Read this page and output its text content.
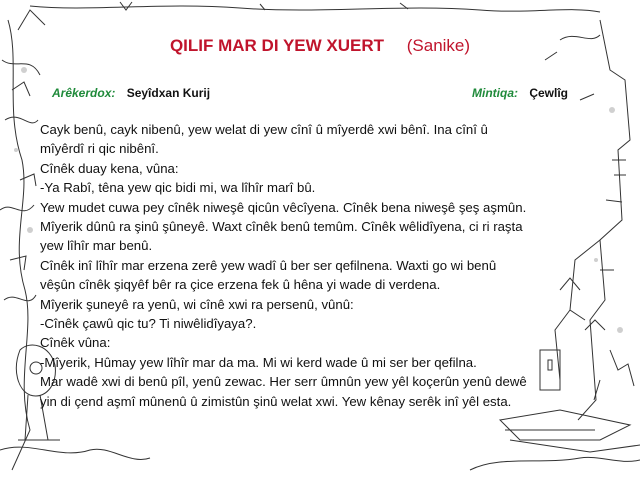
QILIF MAR DI YEW XUERT (Sanike)
Arêkerdox: Seyîdxan Kurij	Mintiqa: Çewlîg

Cayk benû, cayk nibenû, yew welat di yew cînî û mîyerdê xwi bênî. Ina cînî û

mîyêrdî ri qic nibênî.

Cînêk duay kena, vûna:

-Ya Rabî, têna yew qic bidi mi, wa lîhîr marî bû.

Yew mudet cuwa pey cînêk niweşê qicûn vêcîyena. Cînêk bena niweşê şeş aşmûn.

Mîyerik dûnû ra şinû şûneyê. Waxt cînêk benû temûm. Cînêk wêlidîyena, ci ri raşta

yew lîhîr mar benû.

Cînêk inî lîhîr mar erzena zerê yew wadî û ber ser qefilnena. Waxti go wi benû

vêşûn cînêk şiqyêf bêr ra çice erzena fek û hêna yi wade di verdena.

Mîyerik şuneyê ra yenû, wi cînê xwi ra persenû, vûnû:

-Cînêk çawû qic tu? Ti niwêlidîyaya?.

Cînêk vûna:

-Mîyerik, Hûmay yew lîhîr mar da ma. Mi wi kerd wade û mi ser ber qefilna.

Mar wadê xwi di benû pîl, yenû zewac. Her serr ûmnûn yew yêl koçerûn yenû dewê

yin di çend aşmî mûnenû û zimistûn şinû welat xwi. Yew kênay serêk inî yêl esta.
